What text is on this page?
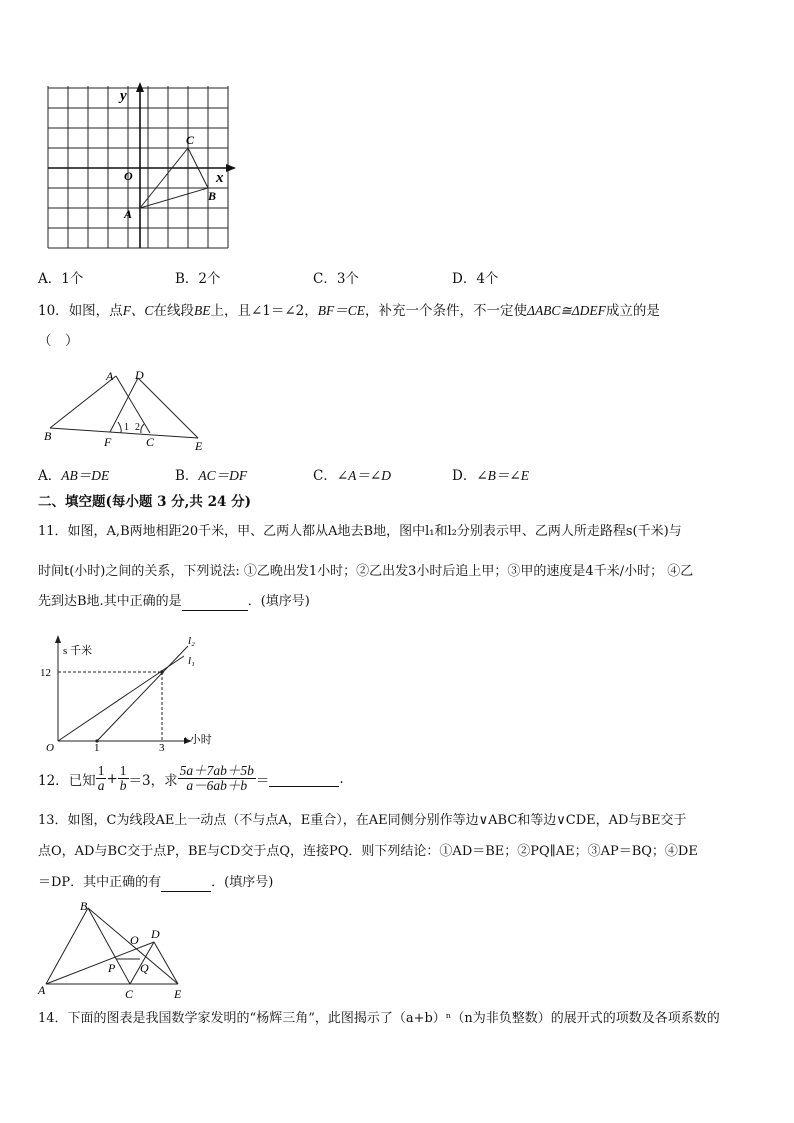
y
x
O
A
B
C
A．1个	B．2个	C．3个	D．4个
10．如图，点F、C在线段BE上，且∠1＝∠2，BF＝CE，补充一个条件，不一定使ΔABC≅ΔDEF成立的是
（　）
A D
B	F	C	E
1 2
A．AB＝DE	B．AC＝DF	C．∠A＝∠D	D．∠B＝∠E
二、填空题(每小题 3 分,共 24 分)
11．如图，A,B两地相距20千米，甲、乙两人都从A地去B地，图中l₁和l₂分别表示甲、乙两人所走路程s(千米)与
时间t(小时)之间的关系，下列说法: ①乙晚出发1小时；②乙出发3小时后追上甲；③甲的速度是4千米/小时； ④乙
先到达B地.其中正确的是	．(填序号)
s 千米
t 小时
12
O	1	3
l₁
l₂
12． 已知 $\frac{1}{a} + \frac{1}{b} =3$，求 $\frac{5a+7ab+5b}{a-6ab+b}$ ＝	.
13．如图，C为线段AE上一动点（不与点A，E重合），在AE同侧分别作等边∨ABC和等边∨CDE，AD与BE交于
点O，AD与BC交于点P，BE与CD交于点Q，连接PQ．则下列结论：①AD＝BE；②PQ∥AE；③AP＝BQ；④DE
＝DP．其中正确的有	．(填序号)
B
O D
P Q
A	C	E
14．下面的图表是我国数学家发明的“杨辉三角”，此图揭示了（a+b）ⁿ（n为非负整数）的展开式的项数及各项系数的
